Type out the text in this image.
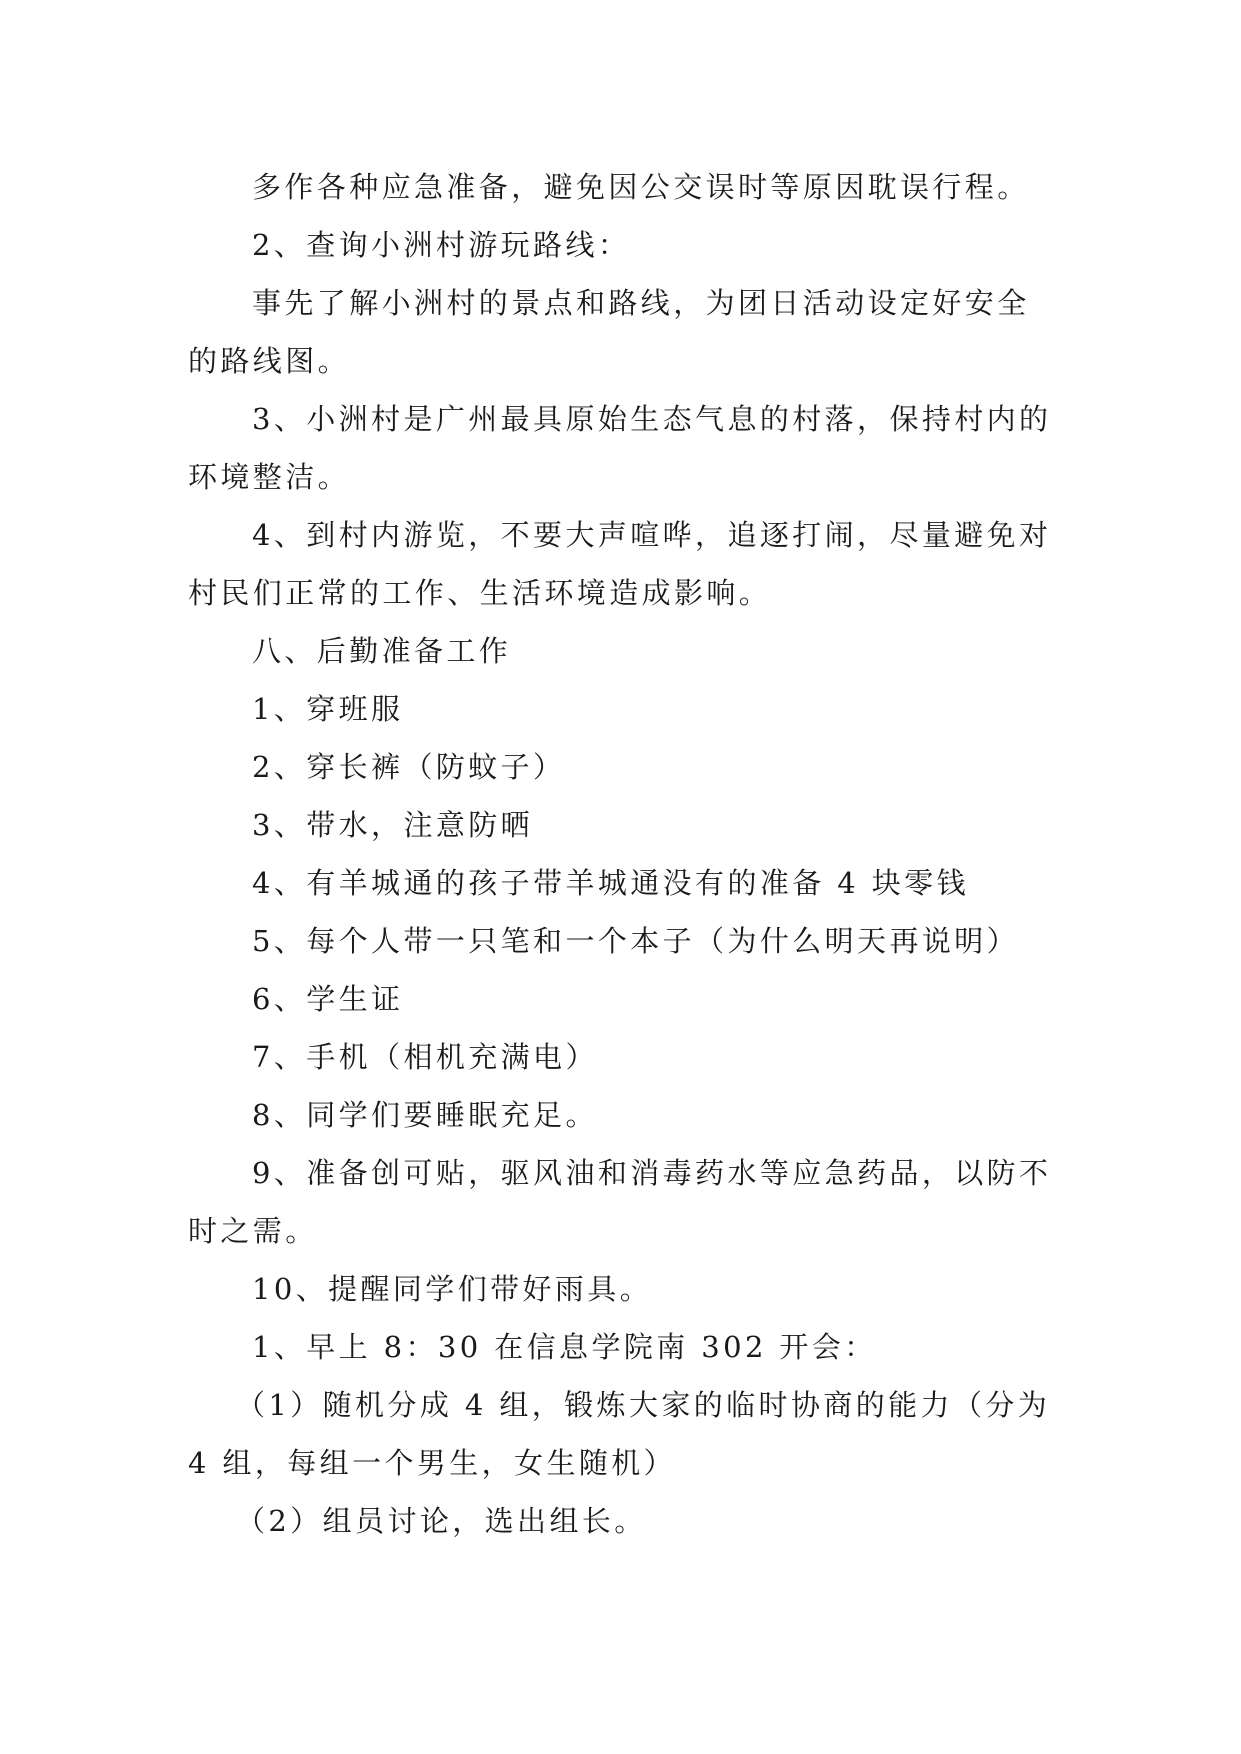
多作各种应急准备，避免因公交误时等原因耽误行程。

2、查询小洲村游玩路线：

事先了解小洲村的景点和路线，为团日活动设定好安全的路线图。

3、小洲村是广州最具原始生态气息的村落，保持村内的环境整洁。

4、到村内游览，不要大声喧哗，追逐打闹，尽量避免对村民们正常的工作、生活环境造成影响。

八、后勤准备工作

1、穿班服

2、穿长裤（防蚊子）

3、带水，注意防晒

4、有羊城通的孩子带羊城通没有的准备 4 块零钱

5、每个人带一只笔和一个本子（为什么明天再说明）

6、学生证

7、手机（相机充满电）

8、同学们要睡眠充足。

9、准备创可贴，驱风油和消毒药水等应急药品，以防不时之需。

10、提醒同学们带好雨具。

1、早上 8：30 在信息学院南 302 开会：

（1）随机分成 4 组，锻炼大家的临时协商的能力（分为 4 组，每组一个男生，女生随机）

（2）组员讨论，选出组长。
